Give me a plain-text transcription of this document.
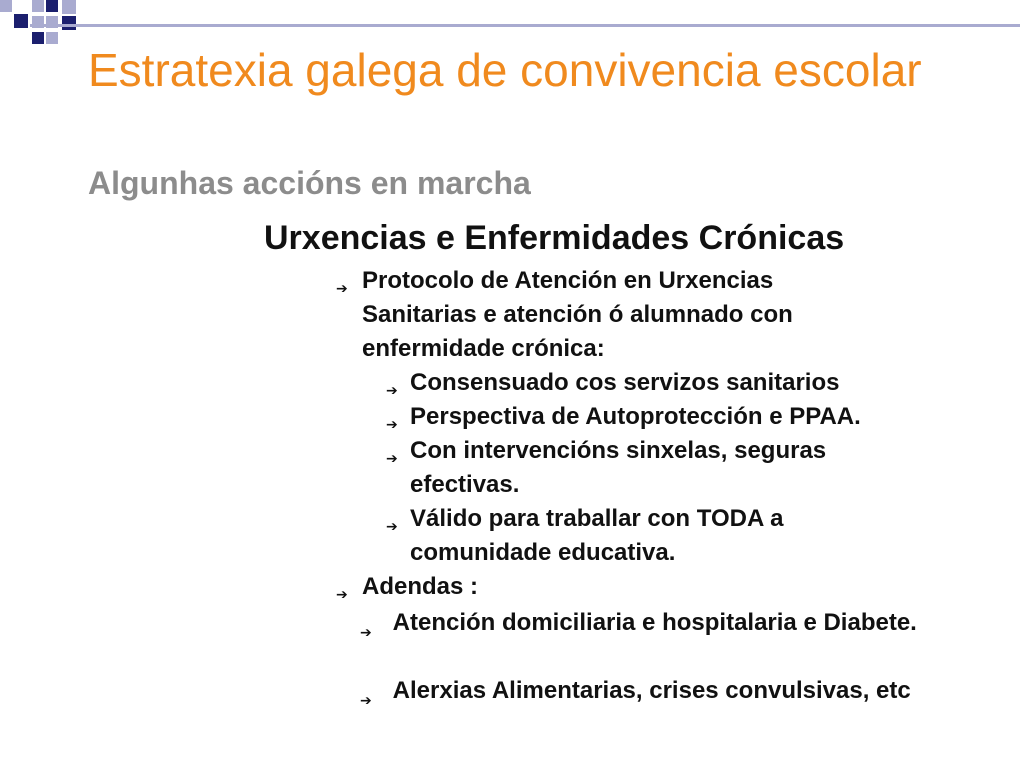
Estratexia galega de convivencia escolar
Algunhas accións en marcha
Urxencias e Enfermidades Crónicas
➔ Protocolo de Atención en Urxencias Sanitarias e atención ó alumnado con enfermidade crónica:
➔ Consensuado cos servizos sanitarios
➔ Perspectiva de Autoprotección e PPAA.
➔ Con intervencións sinxelas, seguras efectivas.
➔ Válido para traballar con TODA a comunidade educativa.
➔ Adendas :
➔ Atención domiciliaria e hospitalaria e Diabete.
➔ Alerxias Alimentarias, crises convulsivas, etc
